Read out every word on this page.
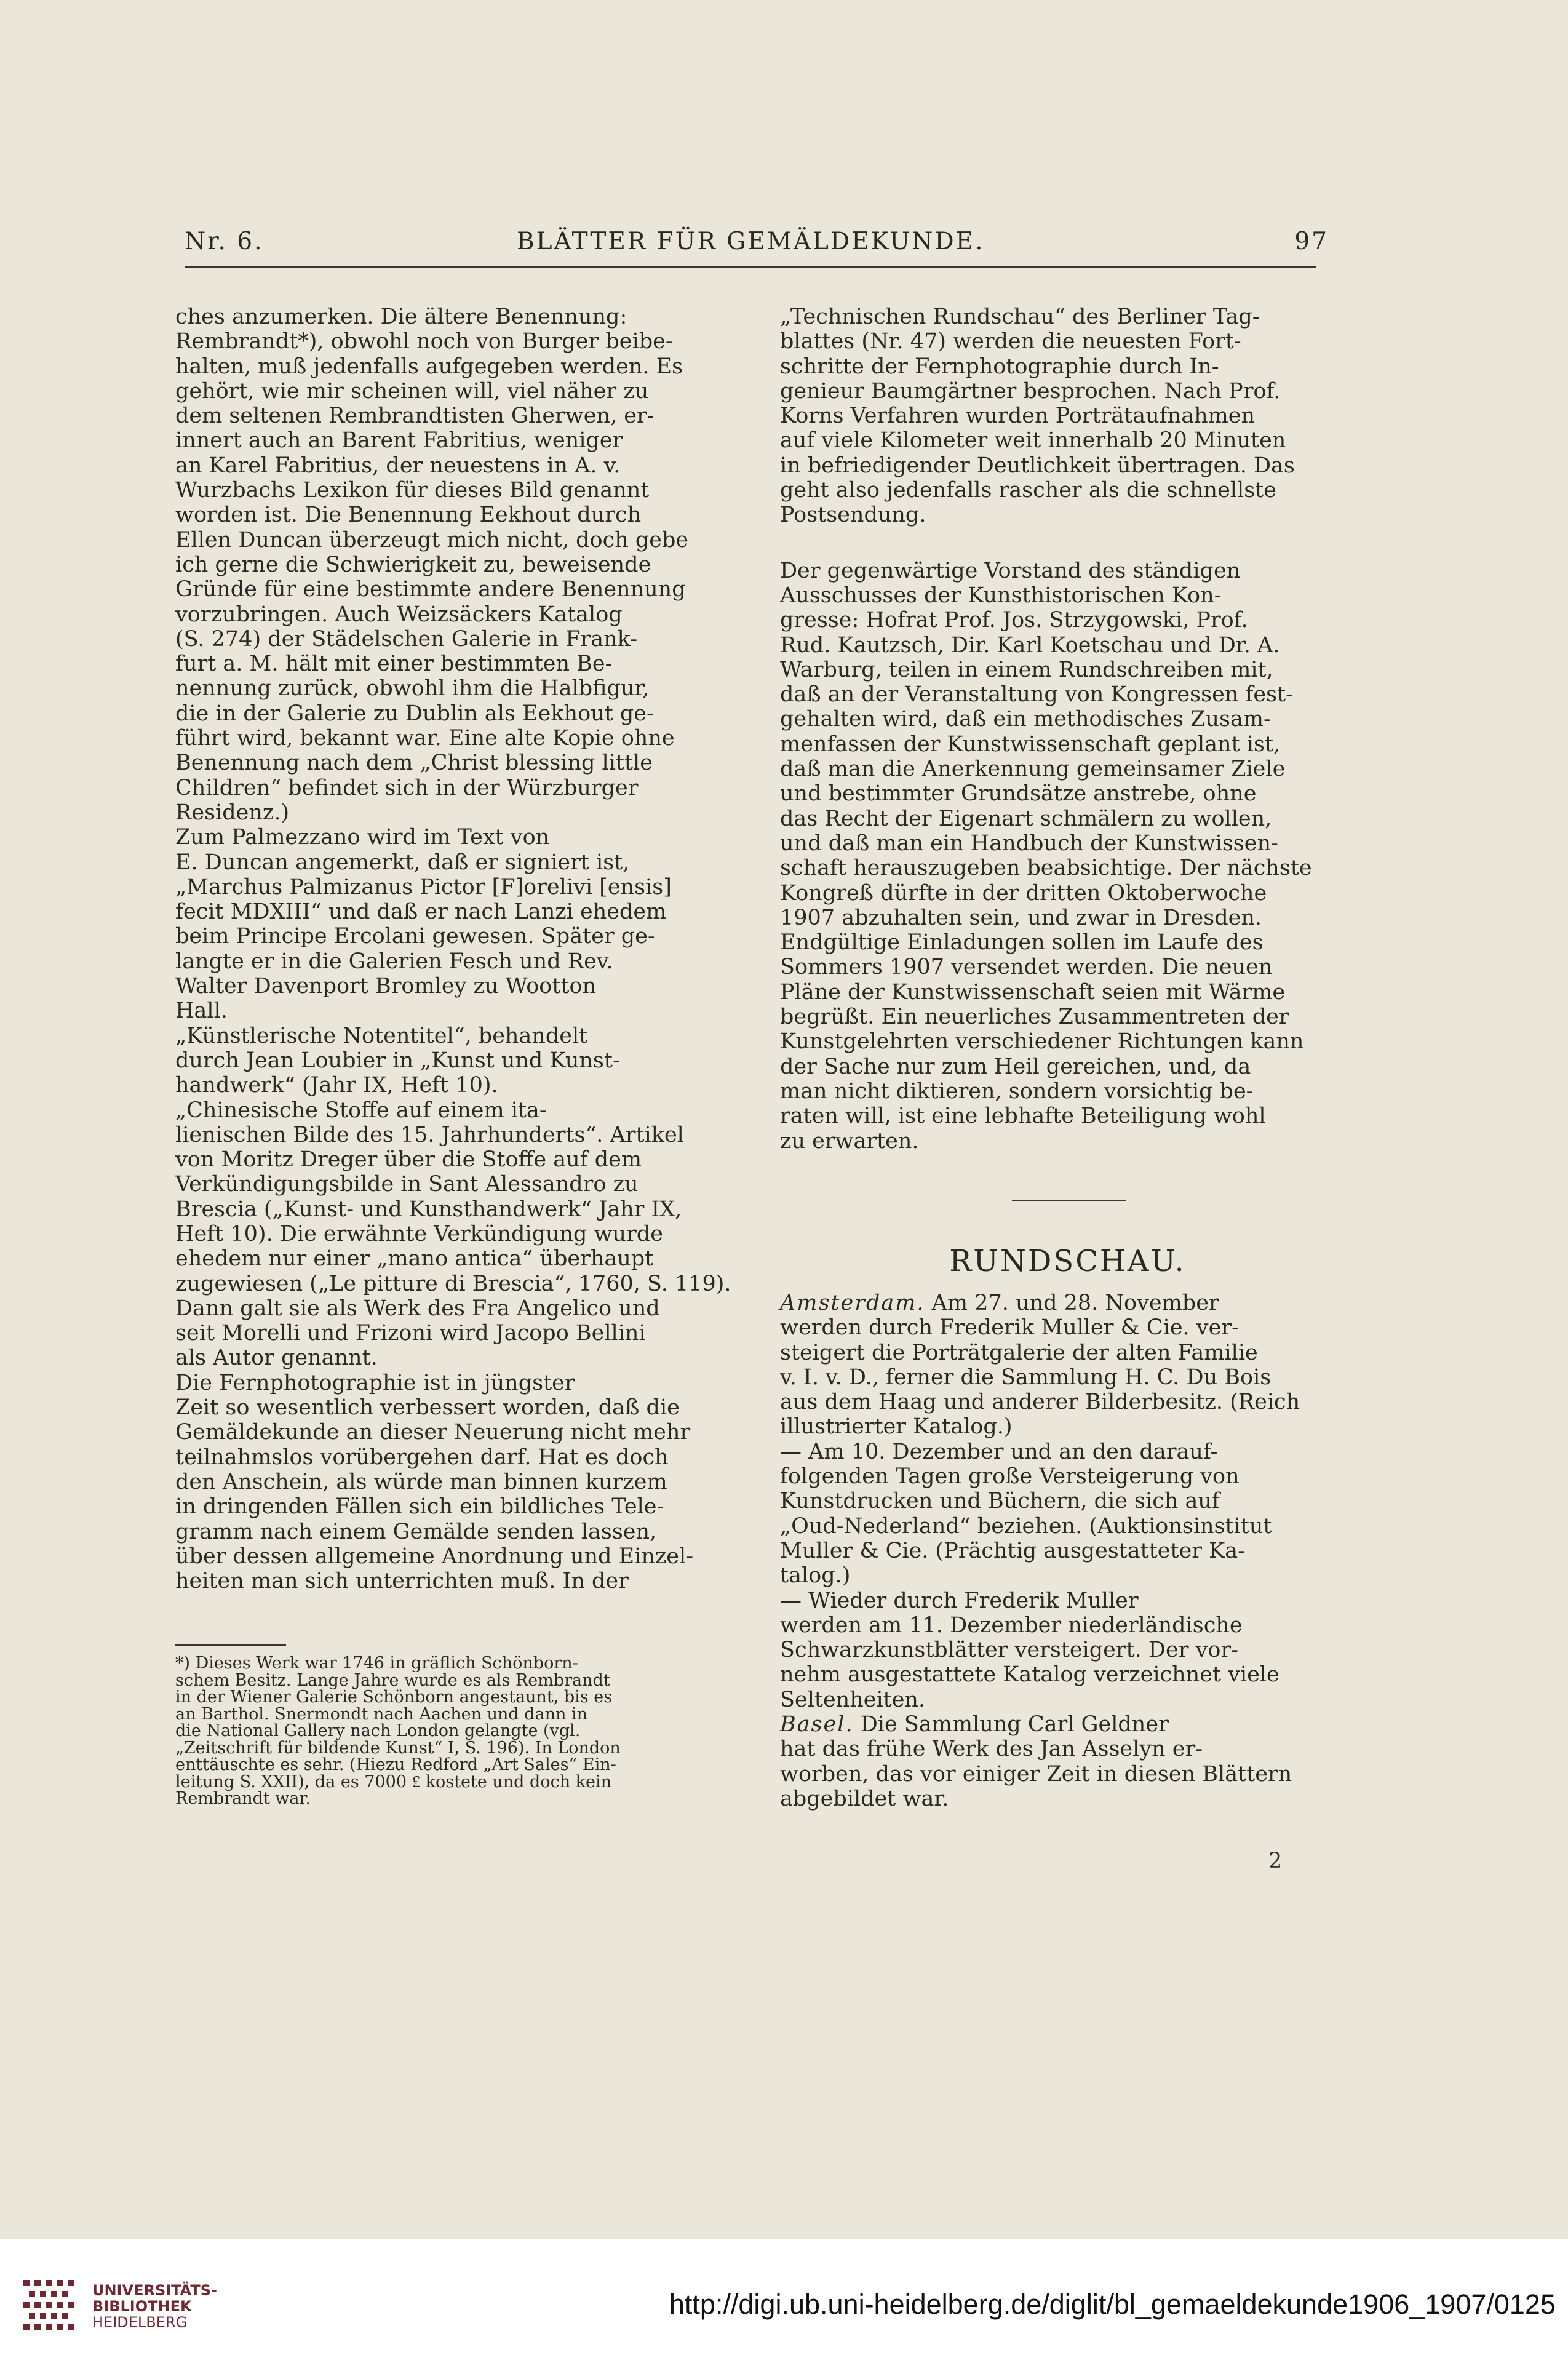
Nr. 6.	BLÄTTER FÜR GEMÄLDEKUNDE.	97

ches anzumerken. Die ältere Benennung:
Rembrandt*), obwohl noch von Burger beibe-
halten, muß jedenfalls aufgegeben werden. Es
gehört, wie mir scheinen will, viel näher zu
dem seltenen Rembrandtisten Gherwen, er-
innert auch an Barent Fabritius, weniger
an Karel Fabritius, der neuestens in A. v.
Wurzbachs Lexikon für dieses Bild genannt
worden ist. Die Benennung Eekhout durch
Ellen Duncan überzeugt mich nicht, doch gebe
ich gerne die Schwierigkeit zu, beweisende
Gründe für eine bestimmte andere Benennung
vorzubringen. Auch Weizsäckers Katalog
(S. 274) der Städelschen Galerie in Frank-
furt a. M. hält mit einer bestimmten Be-
nennung zurück, obwohl ihm die Halbfigur,
die in der Galerie zu Dublin als Eekhout ge-
führt wird, bekannt war. Eine alte Kopie ohne
Benennung nach dem „Christ blessing little
Children“ befindet sich in der Würzburger
Residenz.)

Zum Palmezzano wird im Text von
E. Duncan angemerkt, daß er signiert ist,
„Marchus Palmizanus Pictor [F]orelivi [ensis]
fecit MDXIII“ und daß er nach Lanzi ehedem
beim Principe Ercolani gewesen. Später ge-
langte er in die Galerien Fesch und Rev.
Walter Davenport Bromley zu Wootton
Hall.

„Künstlerische Notentitel“, behandelt
durch Jean Loubier in „Kunst und Kunst-
handwerk“ (Jahr IX, Heft 10).

„Chinesische Stoffe auf einem ita-
lienischen Bilde des 15. Jahrhunderts“. Artikel
von Moritz Dreger über die Stoffe auf dem
Verkündigungsbilde in Sant Alessandro zu
Brescia („Kunst- und Kunsthandwerk“ Jahr IX,
Heft 10). Die erwähnte Verkündigung wurde
ehedem nur einer „mano antica“ überhaupt
zugewiesen („Le pitture di Brescia“, 1760, S. 119).
Dann galt sie als Werk des Fra Angelico und
seit Morelli und Frizoni wird Jacopo Bellini
als Autor genannt.

Die Fernphotographie ist in jüngster
Zeit so wesentlich verbessert worden, daß die
Gemäldekunde an dieser Neuerung nicht mehr
teilnahmslos vorübergehen darf. Hat es doch
den Anschein, als würde man binnen kurzem
in dringenden Fällen sich ein bildliches Tele-
gramm nach einem Gemälde senden lassen,
über dessen allgemeine Anordnung und Einzel-
heiten man sich unterrichten muß. In der

*) Dieses Werk war 1746 in gräflich Schönborn-
schem Besitz. Lange Jahre wurde es als Rembrandt
in der Wiener Galerie Schönborn angestaunt, bis es
an Barthol. Snermondt nach Aachen und dann in
die National Gallery nach London gelangte (vgl.
„Zeitschrift für bildende Kunst“ I, S. 196). In London
enttäuschte es sehr. (Hiezu Redford „Art Sales“ Ein-
leitung S. XXII), da es 7000 ₤ kostete und doch kein
Rembrandt war.

„Technischen Rundschau“ des Berliner Tag-
blattes (Nr. 47) werden die neuesten Fort-
schritte der Fernphotographie durch In-
genieur Baumgärtner besprochen. Nach Prof.
Korns Verfahren wurden Porträtaufnahmen
auf viele Kilometer weit innerhalb 20 Minuten
in befriedigender Deutlichkeit übertragen. Das
geht also jedenfalls rascher als die schnellste
Postsendung.

Der gegenwärtige Vorstand des ständigen
Ausschusses der Kunsthistorischen Kon-
gresse: Hofrat Prof. Jos. Strzygowski, Prof.
Rud. Kautzsch, Dir. Karl Koetschau und Dr. A.
Warburg, teilen in einem Rundschreiben mit,
daß an der Veranstaltung von Kongressen fest-
gehalten wird, daß ein methodisches Zusam-
menfassen der Kunstwissenschaft geplant ist,
daß man die Anerkennung gemeinsamer Ziele
und bestimmter Grundsätze anstrebe, ohne
das Recht der Eigenart schmälern zu wollen,
und daß man ein Handbuch der Kunstwissen-
schaft herauszugeben beabsichtige. Der nächste
Kongreß dürfte in der dritten Oktoberwoche
1907 abzuhalten sein, und zwar in Dresden.
Endgültige Einladungen sollen im Laufe des
Sommers 1907 versendet werden. Die neuen
Pläne der Kunstwissenschaft seien mit Wärme
begrüßt. Ein neuerliches Zusammentreten der
Kunstgelehrten verschiedener Richtungen kann
der Sache nur zum Heil gereichen, und, da
man nicht diktieren, sondern vorsichtig be-
raten will, ist eine lebhafte Beteiligung wohl
zu erwarten.

RUNDSCHAU.

Amsterdam. Am 27. und 28. November
werden durch Frederik Muller & Cie. ver-
steigert die Porträtgalerie der alten Familie
v. I. v. D., ferner die Sammlung H. C. Du Bois
aus dem Haag und anderer Bilderbesitz. (Reich
illustrierter Katalog.)

— Am 10. Dezember und an den darauf-
folgenden Tagen große Versteigerung von
Kunstdrucken und Büchern, die sich auf
„Oud-Nederland“ beziehen. (Auktionsinstitut
Muller & Cie. (Prächtig ausgestatteter Ka-
talog.)

— Wieder durch Frederik Muller
werden am 11. Dezember niederländische
Schwarzkunstblätter versteigert. Der vor-
nehm ausgestattete Katalog verzeichnet viele
Seltenheiten.

Basel. Die Sammlung Carl Geldner
hat das frühe Werk des Jan Asselyn er-
worben, das vor einiger Zeit in diesen Blättern
abgebildet war.

2
UNIVERSITÄTS-
BIBLIOTHEK
HEIDELBERG
http://digi.ub.uni-heidelberg.de/diglit/bl_gemaeldekunde1906_1907/0125
